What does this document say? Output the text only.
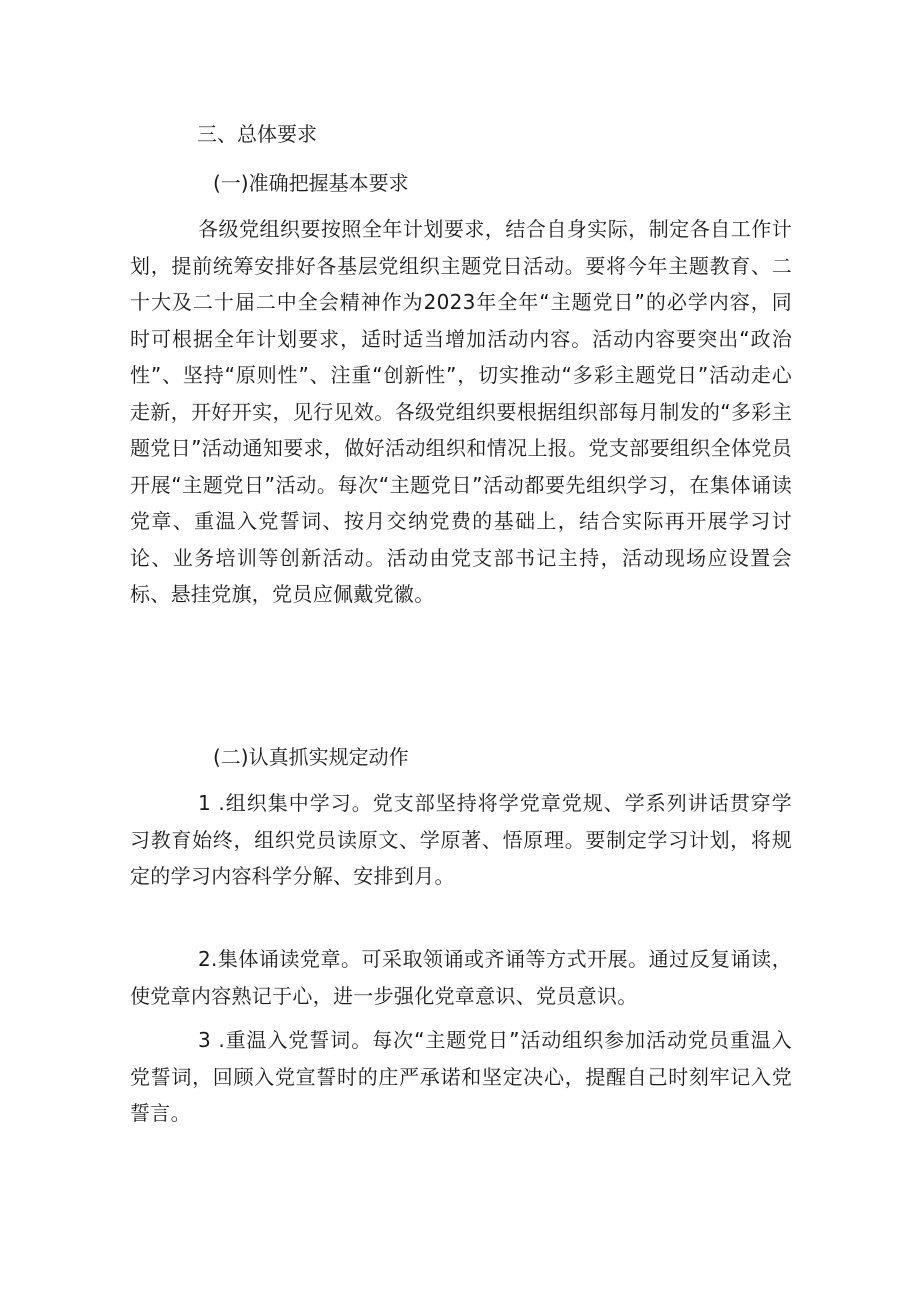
三、总体要求
(一)准确把握基本要求

各级党组织要按照全年计划要求，结合自身实际，制定各自工作计划，提前统筹安排好各基层党组织主题党日活动。要将今年主题教育、二十大及二十届二中全会精神作为2023年全年“主题党日”的必学内容，同时可根据全年计划要求，适时适当增加活动内容。活动内容要突出“政治性”、坚持“原则性”、注重“创新性”，切实推动“多彩主题党日”活动走心走新，开好开实，见行见效。各级党组织要根据组织部每月制发的“多彩主题党日”活动通知要求，做好活动组织和情况上报。党支部要组织全体党员开展“主题党日”活动。每次“主题党日”活动都要先组织学习，在集体诵读党章、重温入党誓词、按月交纳党费的基础上，结合实际再开展学习讨论、业务培训等创新活动。活动由党支部书记主持，活动现场应设置会标、悬挂党旗，党员应佩戴党徽。

(二)认真抓实规定动作

1 .组织集中学习。党支部坚持将学党章党规、学系列讲话贯穿学习教育始终，组织党员读原文、学原著、悟原理。要制定学习计划，将规定的学习内容科学分解、安排到月。

2.集体诵读党章。可采取领诵或齐诵等方式开展。通过反复诵读，使党章内容熟记于心，进一步强化党章意识、党员意识。

3 .重温入党誓词。每次“主题党日”活动组织参加活动党员重温入党誓词，回顾入党宣誓时的庄严承诺和坚定决心，提醒自己时刻牢记入党誓言。
